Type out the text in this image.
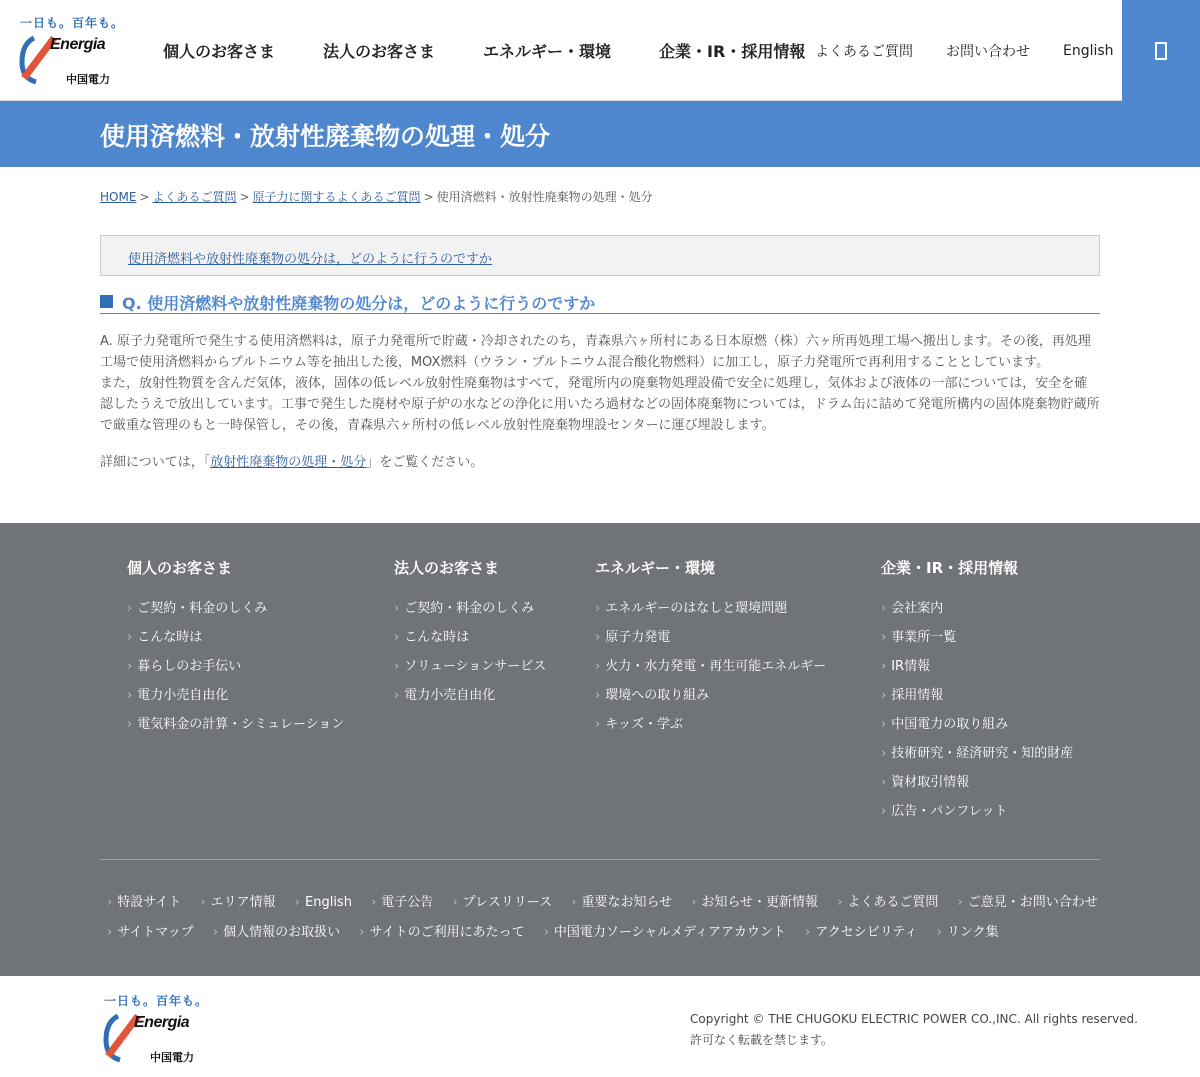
一日も。百年も。
Energia
中国電力
個人のお客さま	法人のお客さま	エネルギー・環境	企業・IR・採用情報 よくあるご質問 お問い合わせ English
使用済燃料・放射性廃棄物の処理・処分
HOME > よくあるご質問 > 原子力に関するよくあるご質問 > 使用済燃料・放射性廃棄物の処理・処分
使用済燃料や放射性廃棄物の処分は，どのように行うのですか
Q. 使用済燃料や放射性廃棄物の処分は，どのように行うのですか

A. 原子力発電所で発生する使用済燃料は，原子力発電所で貯蔵・冷却されたのち，青森県六ヶ所村にある日本原燃（株）六ヶ所再処理工場へ搬出します。その後，再処理工場で使用済燃料からプルトニウム等を抽出した後，MOX燃料（ウラン・プルトニウム混合酸化物燃料）に加工し，原子力発電所で再利用することとしています。

また，放射性物質を含んだ気体，液体，固体の低レベル放射性廃棄物はすべて，発電所内の廃棄物処理設備で安全に処理し，気体および液体の一部については，安全を確認したうえで放出しています。工事で発生した廃材や原子炉の水などの浄化に用いたろ過材などの固体廃棄物については，ドラム缶に詰めて発電所構内の固体廃棄物貯蔵所で厳重な管理のもと一時保管し，その後，青森県六ヶ所村の低レベル放射性廃棄物埋設センターに運び埋設します。

詳細については，「放射性廃棄物の処理・処分」をご覧ください。
個人のお客さま
› ご契約・料金のしくみ
› こんな時は
› 暮らしのお手伝い
› 電力小売自由化
› 電気料金の計算・シミュレーション
法人のお客さま
› ご契約・料金のしくみ
› こんな時は
› ソリューションサービス
› 電力小売自由化
エネルギー・環境
› エネルギーのはなしと環境問題
› 原子力発電
› 火力・水力発電・再生可能エネルギー
› 環境への取り組み
› キッズ・学ぶ
企業・IR・採用情報
› 会社案内
› 事業所一覧
› IR情報
› 採用情報
› 中国電力の取り組み
› 技術研究・経済研究・知的財産
› 資材取引情報
› 広告・パンフレット
› 特設サイト › エリア情報 › English › 電子公告 › プレスリリース › 重要なお知らせ › お知らせ・更新情報 › よくあるご質問 › ご意見・お問い合わせ
› サイトマップ › 個人情報のお取扱い › サイトのご利用にあたって › 中国電力ソーシャルメディアアカウント › アクセシビリティ › リンク集
一日も。百年も。
Energia
中国電力
Copyright © THE CHUGOKU ELECTRIC POWER CO.,INC. All rights reserved.
許可なく転載を禁じます。
